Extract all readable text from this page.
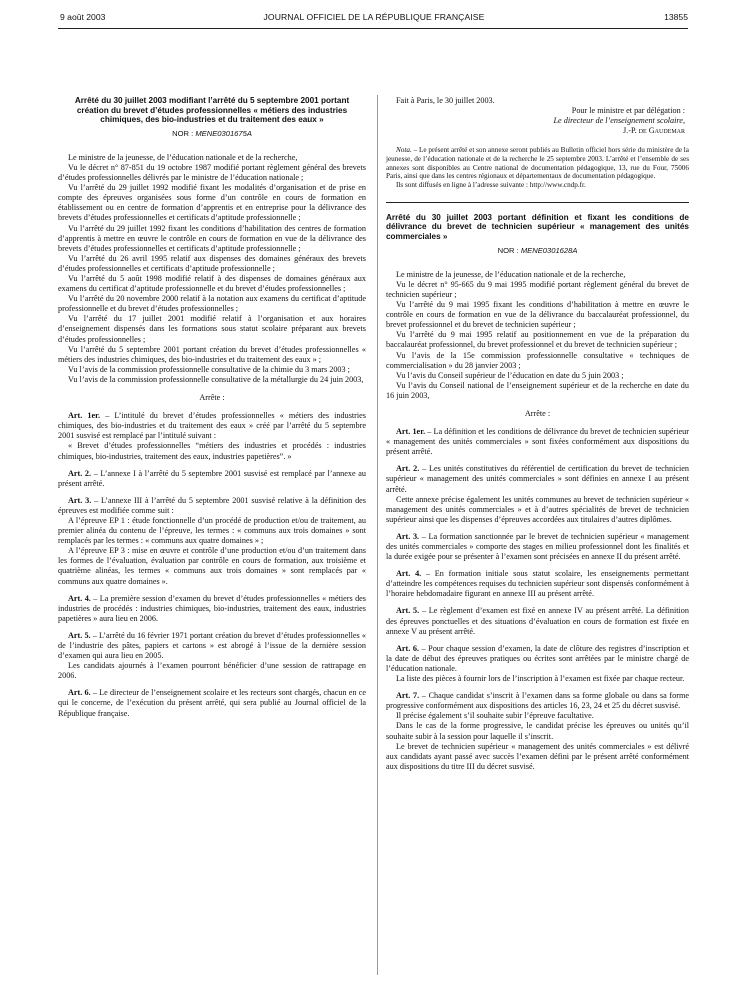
9 août 2003	JOURNAL OFFICIEL DE LA RÉPUBLIQUE FRANÇAISE	13855
Arrêté du 30 juillet 2003 modifiant l’arrêté du 5 septembre 2001 portant création du brevet d’études professionnelles « métiers des industries chimiques, des bio-industries et du traitement des eaux »
NOR : MENE0301675A

Le ministre de la jeunesse, de l’éducation nationale et de la recherche,

Vu le décret n° 87-851 du 19 octobre 1987 modifié portant règlement général des brevets d’études professionnelles délivrés par le ministre de l’éducation nationale ;

Vu l’arrêté du 29 juillet 1992 modifié fixant les modalités d’organisation et de prise en compte des épreuves organisées sous forme d’un contrôle en cours de formation en établissement ou en centre de formation d’apprentis et en entreprise pour la délivrance des brevets d’études professionnelles et certificats d’aptitude professionnelle ;

Vu l’arrêté du 29 juillet 1992 fixant les conditions d’habilitation des centres de formation d’apprentis à mettre en œuvre le contrôle en cours de formation en vue de la délivrance des brevets d’études professionnelles et certificats d’aptitude professionnelle ;

Vu l’arrêté du 26 avril 1995 relatif aux dispenses des domaines généraux des brevets d’études professionnelles et certificats d’aptitude professionnelle ;

Vu l’arrêté du 5 août 1998 modifié relatif à des dispenses de domaines généraux aux examens du certificat d’aptitude professionnelle et du brevet d’études professionnelles ;

Vu l’arrêté du 20 novembre 2000 relatif à la notation aux examens du certificat d’aptitude professionnelle et du brevet d’études professionnelles ;

Vu l’arrêté du 17 juillet 2001 modifié relatif à l’organisation et aux horaires d’enseignement dispensés dans les formations sous statut scolaire préparant aux brevets d’études professionnelles ;

Vu l’arrêté du 5 septembre 2001 portant création du brevet d’études professionnelles « métiers des industries chimiques, des bio-industries et du traitement des eaux » ;

Vu l’avis de la commission professionnelle consultative de la chimie du 3 mars 2003 ;

Vu l’avis de la commission professionnelle consultative de la métallurgie du 24 juin 2003,

Arrête :

Art. 1er. – L’intitulé du brevet d’études professionnelles « métiers des industries chimiques, des bio-industries et du traitement des eaux » créé par l’arrêté du 5 septembre 2001 susvisé est remplacé par l’intitulé suivant :

« Brevet d’études professionnelles “métiers des industries et procédés : industries chimiques, bio-industries, traitement des eaux, industries papetières”. »

Art. 2. – L’annexe I à l’arrêté du 5 septembre 2001 susvisé est remplacé par l’annexe au présent arrêté.

Art. 3. – L’annexe III à l’arrêté du 5 septembre 2001 susvisé relative à la définition des épreuves est modifiée comme suit :

A l’épreuve EP 1 : étude fonctionnelle d’un procédé de production et/ou de traitement, au premier alinéa du contenu de l’épreuve, les termes : « communs aux trois domaines » sont remplacés par les termes : « communs aux quatre domaines » ;

A l’épreuve EP 3 : mise en œuvre et contrôle d’une production et/ou d’un traitement dans les formes de l’évaluation, évaluation par contrôle en cours de formation, aux troisième et quatrième alinéas, les termes « communs aux trois domaines » sont remplacés par « communs aux quatre domaines ».

Art. 4. – La première session d’examen du brevet d’études professionnelles « métiers des industries de procédés : industries chimiques, bio-industries, traitement des eaux, industries papetières » aura lieu en 2006.

Art. 5. – L’arrêté du 16 février 1971 portant création du brevet d’études professionnelles « de l’industrie des pâtes, papiers et cartons » est abrogé à l’issue de la dernière session d’examen qui aura lieu en 2005.

Les candidats ajournés à l’examen pourront bénéficier d’une session de rattrapage en 2006.

Art. 6. – Le directeur de l’enseignement scolaire et les recteurs sont chargés, chacun en ce qui le concerne, de l’exécution du présent arrêté, qui sera publié au Journal officiel de la République française.

Fait à Paris, le 30 juillet 2003.

Pour le ministre et par délégation :
Le directeur de l’enseignement scolaire,
J.-P. de Gaudemar

Nota. – Le présent arrêté et son annexe seront publiés au Bulletin officiel hors série du ministère de la jeunesse, de l’éducation nationale et de la recherche le 25 septembre 2003. L’arrêté et l’ensemble de ses annexes sont disponibles au Centre national de documentation pédagogique, 13, rue du Four, 75006 Paris, ainsi que dans les centres régionaux et départementaux de documentation pédagogique.

Ils sont diffusés en ligne à l’adresse suivante : http://www.cndp.fr.

Arrêté du 30 juillet 2003 portant définition et fixant les conditions de délivrance du brevet de technicien supérieur « management des unités commerciales »
NOR : MENE0301628A

Le ministre de la jeunesse, de l’éducation nationale et de la recherche,

Vu le décret n° 95-665 du 9 mai 1995 modifié portant règlement général du brevet de technicien supérieur ;

Vu l’arrêté du 9 mai 1995 fixant les conditions d’habilitation à mettre en œuvre le contrôle en cours de formation en vue de la délivrance du baccalauréat professionnel, du brevet professionnel et du brevet de technicien supérieur ;

Vu l’arrêté du 9 mai 1995 relatif au positionnement en vue de la préparation du baccalauréat professionnel, du brevet professionnel et du brevet de technicien supérieur ;

Vu l’avis de la 15e commission professionnelle consultative « techniques de commercialisation » du 28 janvier 2003 ;

Vu l’avis du Conseil supérieur de l’éducation en date du 5 juin 2003 ;

Vu l’avis du Conseil national de l’enseignement supérieur et de la recherche en date du 16 juin 2003,

Arrête :

Art. 1er. – La définition et les conditions de délivrance du brevet de technicien supérieur « management des unités commerciales » sont fixées conformément aux dispositions du présent arrêté.

Art. 2. – Les unités constitutives du référentiel de certification du brevet de technicien supérieur « management des unités commerciales » sont définies en annexe I au présent arrêté.

Cette annexe précise également les unités communes au brevet de technicien supérieur « management des unités commerciales » et à d’autres spécialités de brevet de technicien supérieur ainsi que les dispenses d’épreuves accordées aux titulaires d’autres diplômes.

Art. 3. – La formation sanctionnée par le brevet de technicien supérieur « management des unités commerciales » comporte des stages en milieu professionnel dont les finalités et la durée exigée pour se présenter à l’examen sont précisées en annexe II du présent arrêté.

Art. 4. – En formation initiale sous statut scolaire, les enseignements permettant d’atteindre les compétences requises du technicien supérieur sont dispensés conformément à l’horaire hebdomadaire figurant en annexe III au présent arrêté.

Art. 5. – Le règlement d’examen est fixé en annexe IV au présent arrêté. La définition des épreuves ponctuelles et des situations d’évaluation en cours de formation est fixée en annexe V au présent arrêté.

Art. 6. – Pour chaque session d’examen, la date de clôture des registres d’inscription et la date de début des épreuves pratiques ou écrites sont arrêtées par le ministre chargé de l’éducation nationale.

La liste des pièces à fournir lors de l’inscription à l’examen est fixée par chaque recteur.

Art. 7. – Chaque candidat s’inscrit à l’examen dans sa forme globale ou dans sa forme progressive conformément aux dispositions des articles 16, 23, 24 et 25 du décret susvisé.

Il précise également s’il souhaite subir l’épreuve facultative.

Dans le cas de la forme progressive, le candidat précise les épreuves ou unités qu’il souhaite subir à la session pour laquelle il s’inscrit.

Le brevet de technicien supérieur « management des unités commerciales » est délivré aux candidats ayant passé avec succès l’examen défini par le présent arrêté conformément aux dispositions du titre III du décret susvisé.
